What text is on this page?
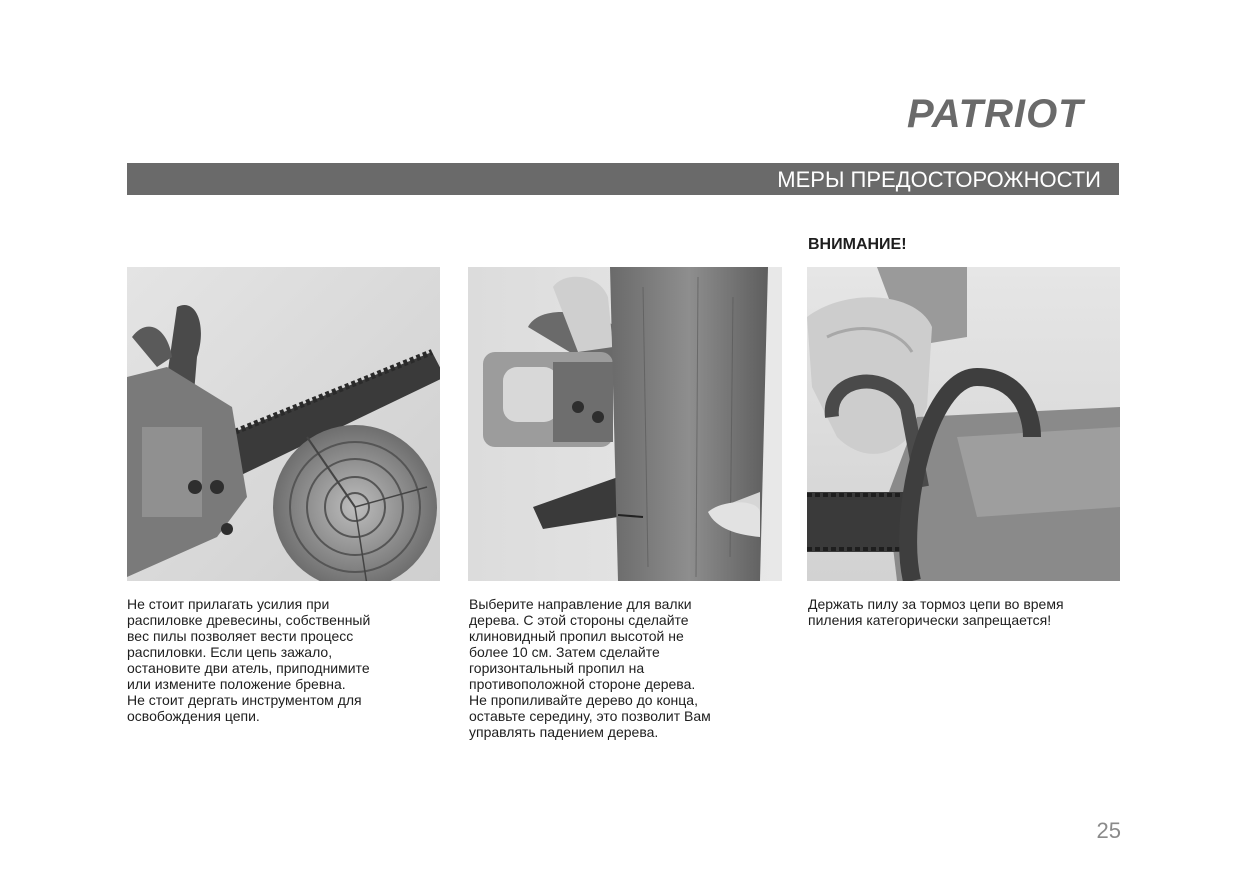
PATRIOT
МЕРЫ ПРЕДОСТОРОЖНОСТИ
ВНИМАНИЕ!
Не стоит прилагать усилия при
распиловке древесины, собственный
вес пилы позволяет вести процесс
распиловки. Если цепь зажало,
остановите дви атель, приподнимите
или измените положение бревна.
Не стоит дергать инструментом для
освобождения цепи.
Выберите направление для валки
дерева. С этой стороны сделайте
клиновидный пропил высотой не
более 10 см. Затем сделайте
горизонтальный пропил на
противоположной стороне дерева.
Не пропиливайте дерево до конца,
оставьте середину, это позволит Вам
управлять падением дерева.
Держать пилу за тормоз цепи во время
пиления категорически запрещается!
25
